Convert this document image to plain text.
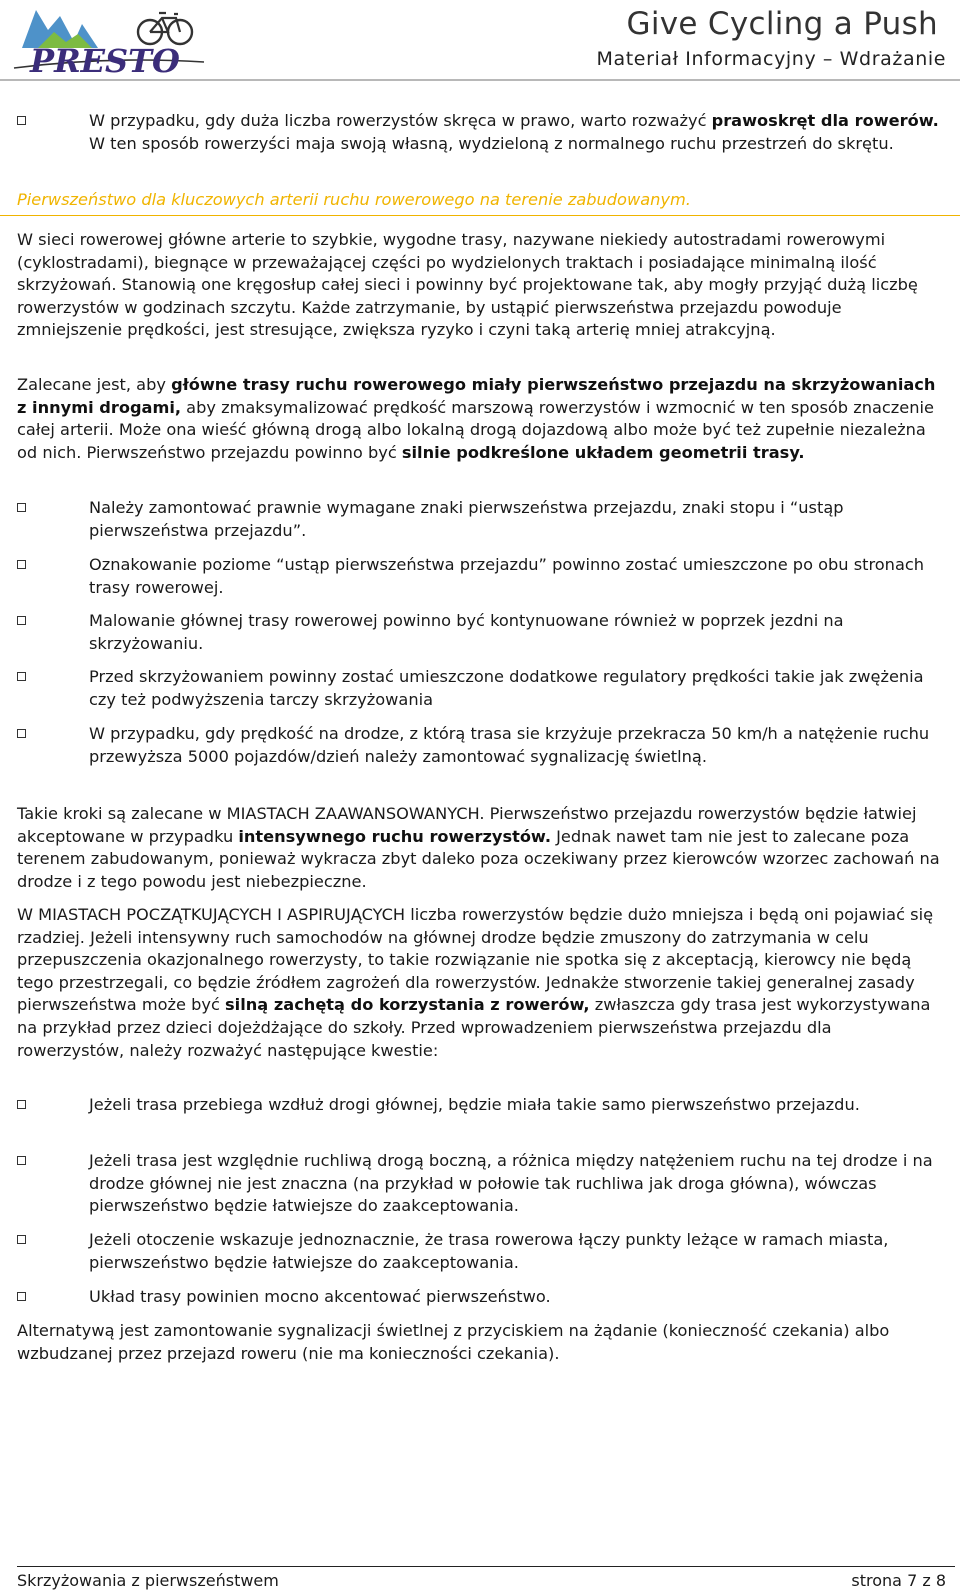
PRESTO
Give Cycling a Push
Materiał Informacyjny – Wdrażanie
W przypadku, gdy duża liczba rowerzystów skręca w prawo, warto rozważyć prawoskręt dla rowerów. W ten sposób rowerzyści maja swoją własną, wydzieloną z normalnego ruchu przestrzeń do skrętu.
Pierwszeństwo dla kluczowych arterii ruchu rowerowego na terenie zabudowanym.

W sieci rowerowej główne arterie to szybkie, wygodne trasy, nazywane niekiedy autostradami rowerowymi (cyklostradami), biegnące w przeważającej części po wydzielonych traktach i posiadające minimalną ilość skrzyżowań. Stanowią one kręgosłup całej sieci i powinny być projektowane tak, aby mogły przyjąć dużą liczbę rowerzystów w godzinach szczytu. Każde zatrzymanie, by ustąpić pierwszeństwa przejazdu powoduje zmniejszenie prędkości, jest stresujące, zwiększa ryzyko i czyni taką arterię mniej atrakcyjną.

Zalecane jest, aby główne trasy ruchu rowerowego miały pierwszeństwo przejazdu na skrzyżowaniach z innymi drogami, aby zmaksymalizować prędkość marszową rowerzystów i wzmocnić w ten sposób znaczenie całej arterii. Może ona wieść główną drogą albo lokalną drogą dojazdową albo może być też zupełnie niezależna od nich. Pierwszeństwo przejazdu powinno być silnie podkreślone układem geometrii trasy.

Należy zamontować prawnie wymagane znaki pierwszeństwa przejazdu, znaki stopu i “ustąp pierwszeństwa przejazdu”.
Oznakowanie poziome “ustąp pierwszeństwa przejazdu” powinno zostać umieszczone po obu stronach trasy rowerowej.
Malowanie głównej trasy rowerowej powinno być kontynuowane również w poprzek jezdni na skrzyżowaniu.
Przed skrzyżowaniem powinny zostać umieszczone dodatkowe regulatory prędkości takie jak zwężenia czy też podwyższenia tarczy skrzyżowania
W przypadku, gdy prędkość na drodze, z którą trasa sie krzyżuje przekracza 50 km/h a natężenie ruchu przewyższa 5000 pojazdów/dzień należy zamontować sygnalizację świetlną.

Takie kroki są zalecane w MIASTACH ZAAWANSOWANYCH. Pierwszeństwo przejazdu rowerzystów będzie łatwiej akceptowane w przypadku intensywnego ruchu rowerzystów. Jednak nawet tam nie jest to zalecane poza terenem zabudowanym, ponieważ wykracza zbyt daleko poza oczekiwany przez kierowców wzorzec zachowań na drodze i z tego powodu jest niebezpieczne.

W MIASTACH POCZĄTKUJĄCYCH I ASPIRUJĄCYCH liczba rowerzystów będzie dużo mniejsza i będą oni pojawiać się rzadziej. Jeżeli intensywny ruch samochodów na głównej drodze będzie zmuszony do zatrzymania w celu przepuszczenia okazjonalnego rowerzysty, to takie rozwiązanie nie spotka się z akceptacją, kierowcy nie będą tego przestrzegali, co będzie źródłem zagrożeń dla rowerzystów. Jednakże stworzenie takiej generalnej zasady pierwszeństwa może być silną zachętą do korzystania z rowerów, zwłaszcza gdy trasa jest wykorzystywana na przykład przez dzieci dojeżdżające do szkoły. Przed wprowadzeniem pierwszeństwa przejazdu dla rowerzystów, należy rozważyć następujące kwestie:

Jeżeli trasa przebiega wzdłuż drogi głównej, będzie miała takie samo pierwszeństwo przejazdu.
Jeżeli trasa jest względnie ruchliwą drogą boczną, a różnica między natężeniem ruchu na tej drodze i na drodze głównej nie jest znaczna (na przykład w połowie tak ruchliwa jak droga główna), wówczas pierwszeństwo będzie łatwiejsze do zaakceptowania.
Jeżeli otoczenie wskazuje jednoznacznie, że trasa rowerowa łączy punkty leżące w ramach miasta, pierwszeństwo będzie łatwiejsze do zaakceptowania.
Układ trasy powinien mocno akcentować pierwszeństwo.

Alternatywą jest zamontowanie sygnalizacji świetlnej z przyciskiem na żądanie (konieczność czekania) albo wzbudzanej przez przejazd roweru (nie ma konieczności czekania).

Skrzyżowania z pierwszeństwem	strona 7 z 8
